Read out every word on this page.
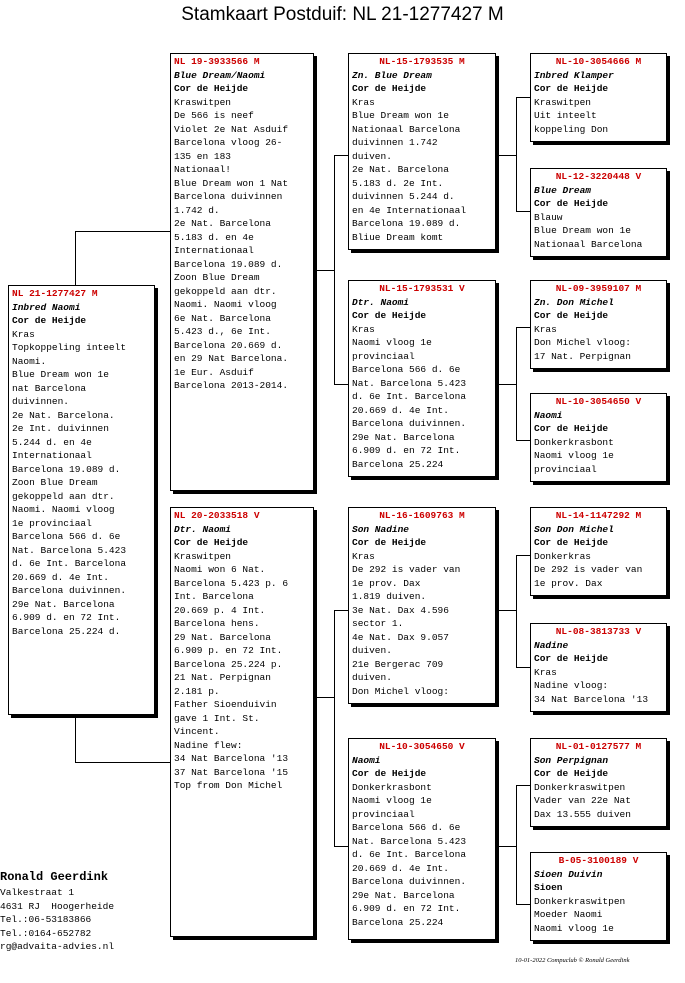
Stamkaart Postduif: NL 21-1277427 M
NL 21-1277427 M
Inbred Naomi
Cor de Heijde
Kras
Topkoppeling inteelt
Naomi.
Blue Dream won 1e
nat Barcelona
duivinnen.
2e Nat. Barcelona.
2e Int. duivinnen
5.244 d. en 4e
Internationaal
Barcelona 19.089 d.
Zoon Blue Dream
gekoppeld aan dtr.
Naomi. Naomi vloog
1e provinciaal
Barcelona 566 d. 6e
Nat. Barcelona 5.423
d. 6e Int. Barcelona
20.669 d. 4e Int.
Barcelona duivinnen.
29e Nat. Barcelona
6.909 d. en 72 Int.
Barcelona 25.224 d.
NL 19-3933566 M
Blue Dream/Naomi
Cor de Heijde
Kraswitpen
De 566 is neef
Violet 2e Nat Asduif
Barcelona vloog 26-
135 en 183
Nationaal!
Blue Dream won 1 Nat
Barcelona duivinnen
1.742 d.
2e Nat. Barcelona
5.183 d. en 4e
Internationaal
Barcelona 19.089 d.
Zoon Blue Dream
gekoppeld aan dtr.
Naomi. Naomi vloog
6e Nat. Barcelona
5.423 d., 6e Int.
Barcelona 20.669 d.
en 29 Nat Barcelona.
1e Eur. Asduif
Barcelona 2013-2014.
NL 20-2033518 V
Dtr. Naomi
Cor de Heijde
Kraswitpen
Naomi won 6 Nat.
Barcelona 5.423 p. 6
Int. Barcelona
20.669 p. 4 Int.
Barcelona hens.
29 Nat. Barcelona
6.909 p. en 72 Int.
Barcelona 25.224 p.
21 Nat. Perpignan
2.181 p.
Father Sioenduivin
gave 1 Int. St.
Vincent.
Nadine flew:
34 Nat Barcelona '13
37 Nat Barcelona '15
Top from Don Michel
NL-15-1793535 M
Zn. Blue Dream
Cor de Heijde
Kras
Blue Dream won 1e
Nationaal Barcelona
duivinnen 1.742
duiven.
2e Nat. Barcelona
5.183 d. 2e Int.
duivinnen 5.244 d.
en 4e Internationaal
Barcelona 19.089 d.
Bliue Dream komt
NL-15-1793531 V
Dtr. Naomi
Cor de Heijde
Kras
Naomi vloog 1e
provinciaal
Barcelona 566 d. 6e
Nat. Barcelona 5.423
d. 6e Int. Barcelona
20.669 d. 4e Int.
Barcelona duivinnen.
29e Nat. Barcelona
6.909 d. en 72 Int.
Barcelona 25.224
NL-16-1609763 M
Son Nadine
Cor de Heijde
Kras
De 292 is vader van
1e prov. Dax
1.819 duiven.
3e Nat. Dax 4.596
sector 1.
4e Nat. Dax 9.057
duiven.
21e Bergerac 709
duiven.
Don Michel vloog:
NL-10-3054650 V
Naomi
Cor de Heijde
Donkerkrasbont
Naomi vloog 1e
provinciaal
Barcelona 566 d. 6e
Nat. Barcelona 5.423
d. 6e Int. Barcelona
20.669 d. 4e Int.
Barcelona duivinnen.
29e Nat. Barcelona
6.909 d. en 72 Int.
Barcelona 25.224
NL-10-3054666 M
Inbred Klamper
Cor de Heijde
Kraswitpen
Uit inteelt
koppeling Don
NL-12-3220448 V
Blue Dream
Cor de Heijde
Blauw
Blue Dream won 1e
Nationaal Barcelona
NL-09-3959107 M
Zn. Don Michel
Cor de Heijde
Kras
Don Michel vloog:
17 Nat. Perpignan
NL-10-3054650 V
Naomi
Cor de Heijde
Donkerkrasbont
Naomi vloog 1e
provinciaal
NL-14-1147292 M
Son Don Michel
Cor de Heijde
Donkerkras
De 292 is vader van
1e prov. Dax
NL-08-3813733 V
Nadine
Cor de Heijde
Kras
Nadine vloog:
34 Nat Barcelona '13
NL-01-0127577 M
Son Perpignan
Cor de Heijde
Donkerkraswitpen
Vader van 22e Nat
Dax 13.555 duiven
B-05-3100189 V
Sioen Duivin
Sioen
Donkerkraswitpen
Moeder Naomi
Naomi vloog 1e
Ronald Geerdink
Valkestraat 1
4631 RJ  Hoogerheide
Tel.:06-53183866
Tel.:0164-652782
rg@advaita-advies.nl
10-01-2022 Compuclub © Ronald Geerdink
